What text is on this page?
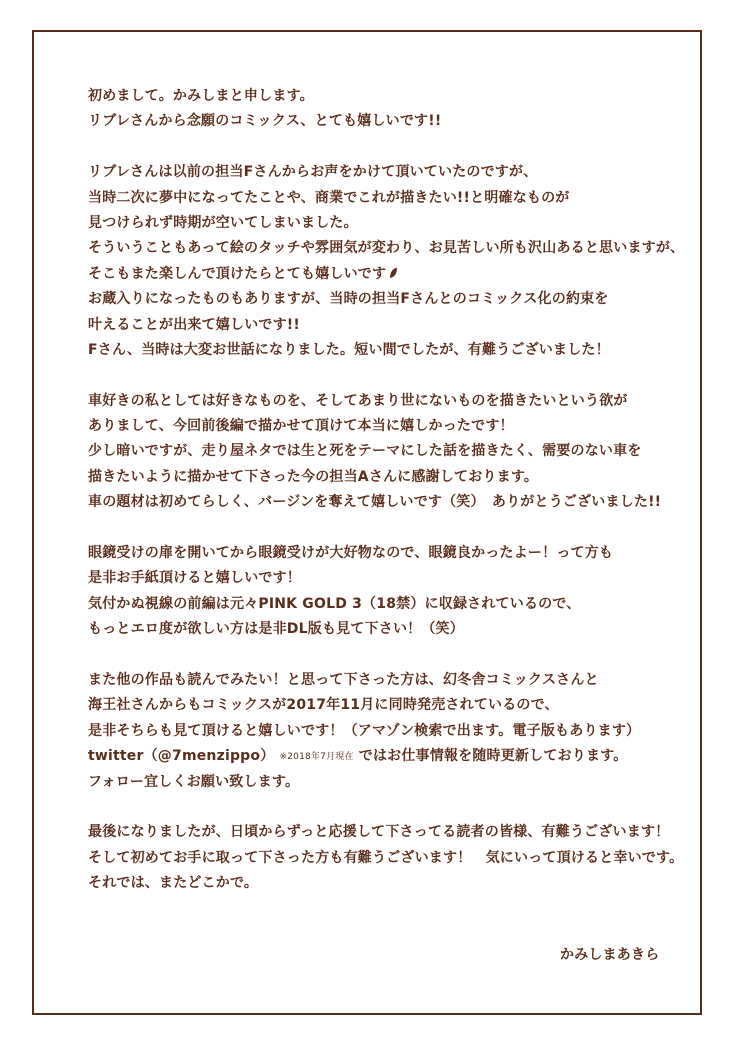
初めまして。かみしまと申します。
リブレさんから念願のコミックス、とても嬉しいです!!
リブレさんは以前の担当Fさんからお声をかけて頂いていたのですが、
当時二次に夢中になってたことや、商業でこれが描きたい!!と明確なものが
見つけられず時期が空いてしまいました。
そういうこともあって絵のタッチや雰囲気が変わり、お見苦しい所も沢山あると思いますが、
そこもまた楽しんで頂けたらとても嬉しいです
お蔵入りになったものもありますが、当時の担当Fさんとのコミックス化の約束を
叶えることが出来て嬉しいです!!
Fさん、当時は大変お世話になりました。短い間でしたが、有難うございました！
車好きの私としては好きなものを、そしてあまり世にないものを描きたいという欲が
ありまして、今回前後編で描かせて頂けて本当に嬉しかったです！
少し暗いですが、走り屋ネタでは生と死をテーマにした話を描きたく、需要のない車を
描きたいように描かせて下さった今の担当Aさんに感謝しております。
車の題材は初めてらしく、バージンを奪えて嬉しいです（笑）　ありがとうございました!!
眼鏡受けの扉を開いてから眼鏡受けが大好物なので、眼鏡良かったよー！って方も
是非お手紙頂けると嬉しいです！
気付かぬ視線の前編は元々PINK GOLD 3（18禁）に収録されているので、
もっとエロ度が欲しい方は是非DL版も見て下さい！（笑）
また他の作品も読んでみたい！と思って下さった方は、幻冬舎コミックスさんと
海王社さんからもコミックスが2017年11月に同時発売されているので、
是非そちらも見て頂けると嬉しいです！（アマゾン検索で出ます。電子版もあります）
twitter（@7menzippo） ※2018年7月現在 ではお仕事情報を随時更新しております。
フォロー宜しくお願い致します。
最後になりましたが、日頃からずっと応援して下さってる読者の皆様、有難うございます！
そして初めてお手に取って下さった方も有難うございます！　気にいって頂けると幸いです。
それでは、またどこかで。
かみしまあきら
